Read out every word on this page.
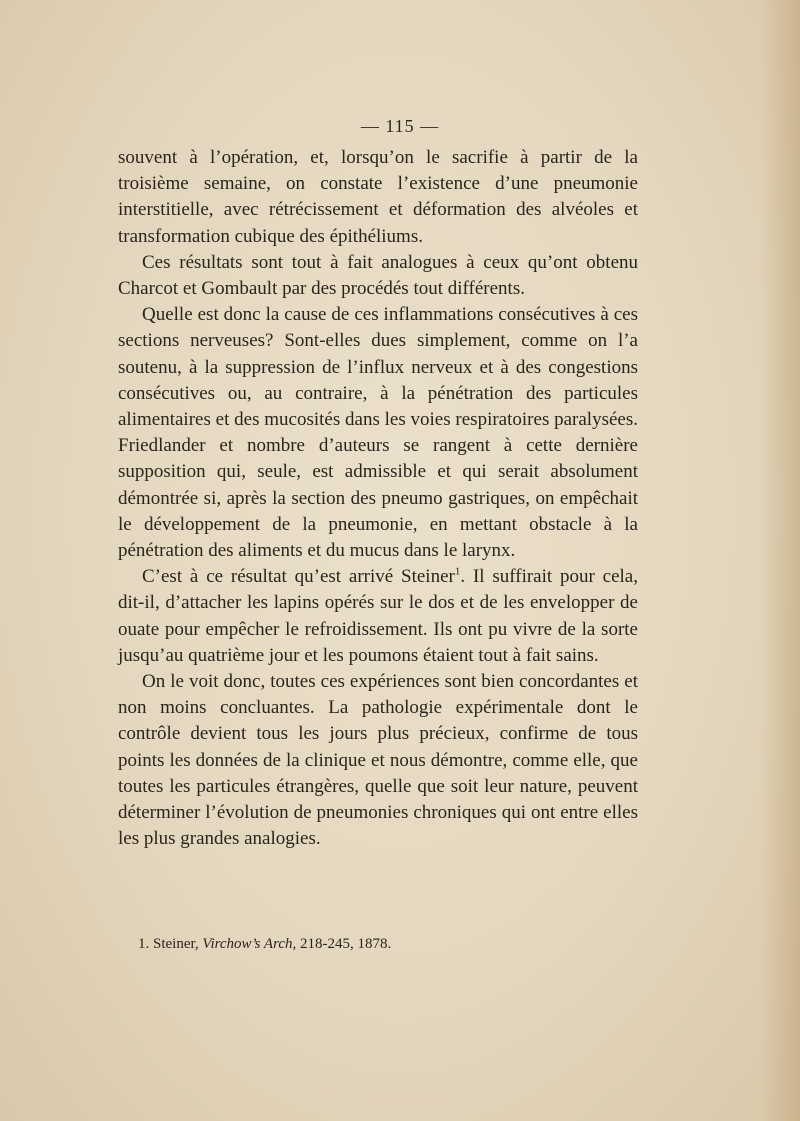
— 115 —

souvent à l’opération, et, lorsqu’on le sacrifie à partir de la troisième semaine, on constate l’existence d’une pneumonie interstitielle, avec rétrécissement et déformation des alvéoles et transformation cubique des épithéliums.

Ces résultats sont tout à fait analogues à ceux qu’ont obtenu Charcot et Gombault par des procédés tout différents.

Quelle est donc la cause de ces inflammations consécutives à ces sections nerveuses? Sont-elles dues simplement, comme on l’a soutenu, à la suppression de l’influx nerveux et à des congestions consécutives ou, au contraire, à la pénétration des particules alimentaires et des mucosités dans les voies respiratoires paralysées. Friedlander et nombre d’auteurs se rangent à cette dernière supposition qui, seule, est admissible et qui serait absolument démontrée si, après la section des pneumo gastriques, on empêchait le développement de la pneumonie, en mettant obstacle à la pénétration des aliments et du mucus dans le larynx.

C’est à ce résultat qu’est arrivé Steiner$^1$. Il suffirait pour cela, dit-il, d’attacher les lapins opérés sur le dos et de les envelopper de ouate pour empêcher le refroidissement. Ils ont pu vivre de la sorte jusqu’au quatrième jour et les poumons étaient tout à fait sains.

On le voit donc, toutes ces expériences sont bien concordantes et non moins concluantes. La pathologie expérimentale dont le contrôle devient tous les jours plus précieux, confirme de tous points les données de la clinique et nous démontre, comme elle, que toutes les particules étrangères, quelle que soit leur nature, peuvent déterminer l’évolution de pneumonies chroniques qui ont entre elles les plus grandes analogies.

1. Steiner, Virchow’s Arch, 218-245, 1878.
